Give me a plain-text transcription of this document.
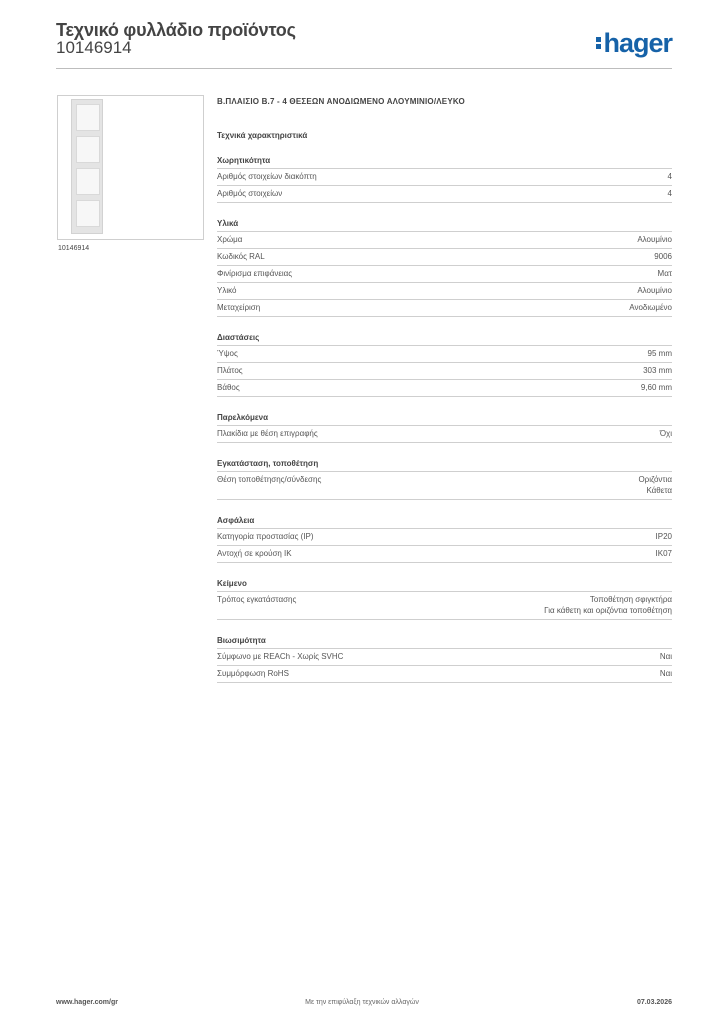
Τεχνικό φυλλάδιο προϊόντος
10146914	hager
10146914
Β.ΠΛΑΙΣΙΟ Β.7 - 4 ΘΕΣΕΩΝ ΑΝΟΔΙΩΜΕΝΟ ΑΛΟΥΜΙΝΙΟ/ΛΕΥΚΟ
Τεχνικά χαρακτηριστικά
Χωρητικότητα
Αριθμός στοιχείων διακόπτη	4
Αριθμός στοιχείων	4
Υλικά
Χρώμα	Αλουμίνιο
Κωδικός RAL	9006
Φινίρισμα επιφάνειας	Ματ
Υλικό	Αλουμίνιο
Μεταχείριση	Ανοδιωμένο
Διαστάσεις
Ύψος	95 mm
Πλάτος	303 mm
Βάθος	9,60 mm
Παρελκόμενα
Πλακίδια με θέση επιγραφής	Όχι
Εγκατάσταση, τοποθέτηση
Θέση τοποθέτησης/σύνδεσης	Οριζόντια
Κάθετα
Ασφάλεια
Κατηγορία προστασίας (IP)	IP20
Αντοχή σε κρούση IK	IK07
Κείμενο
Τρόπος εγκατάστασης	Τοποθέτηση σφιγκτήρα
Για κάθετη και οριζόντια τοποθέτηση
Βιωσιμότητα
Σύμφωνο με REACh - Χωρίς SVHC	Ναι
Συμμόρφωση RoHS	Ναι
www.hager.com/gr	Με την επιφύλαξη τεχνικών αλλαγών	07.03.2026
